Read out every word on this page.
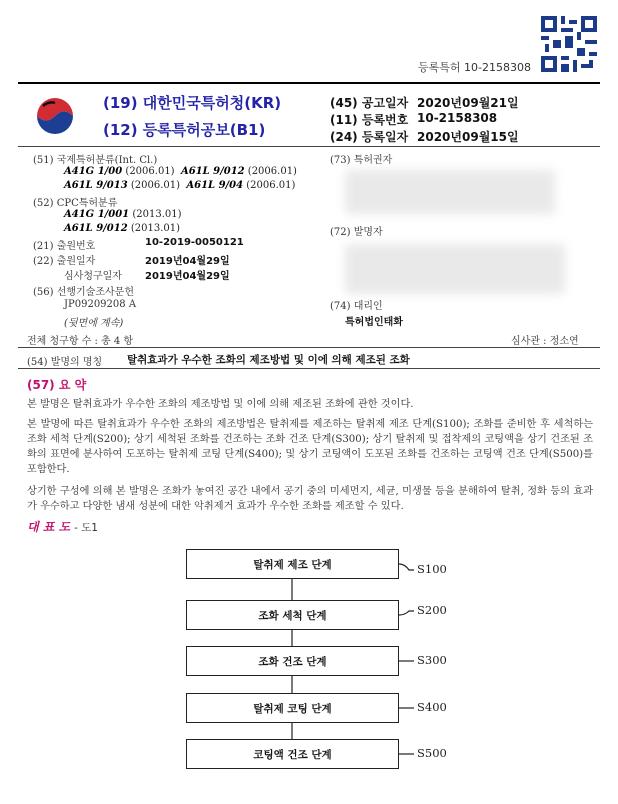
등록특허 10-2158308
(19) 대한민국특허청(KR)
(12) 등록특허공보(B1)
(45) 공고일자 2020년09월21일
(11) 등록번호 10-2158308
(24) 등록일자 2020년09월15일
(51) 국제특허분류(Int. Cl.)
A41G 1/00 (2006.01) A61L 9/012 (2006.01)
A61L 9/013 (2006.01) A61L 9/04 (2006.01)
(52) CPC특허분류
A41G 1/001 (2013.01)
A61L 9/012 (2013.01)
(21) 출원번호	10-2019-0050121
(22) 출원일자	2019년04월29일
심사청구일자 2019년04월29일
(56) 선행기술조사문헌
JP09209208 A
(뒷면에 계속)
(73) 특허권자
(72) 발명자
(74) 대리인
특허법인태화
전체 청구항 수 : 총 4 항	심사관 : 정소연
(54) 발명의 명칭 탈취효과가 우수한 조화의 제조방법 및 이에 의해 제조된 조화
(57) 요 약
본 발명은 탈취효과가 우수한 조화의 제조방법 및 이에 의해 제조된 조화에 관한 것이다.
본 발명에 따른 탈취효과가 우수한 조화의 제조방법은 탈취제를 제조하는 탈취제 제조 단계(S100); 조화를 준비한 후 세척하는 조화 세척 단계(S200); 상기 세척된 조화를 건조하는 조화 건조 단계(S300); 상기 탈취제 및 접착제의 코팅액을 상기 건조된 조화의 표면에 분사하여 도포하는 탈취제 코팅 단계(S400); 및 상기 코팅액이 도포된 조화를 건조하는 코팅액 건조 단계(S500)를 포함한다.
상기한 구성에 의해 본 발명은 조화가 놓여진 공간 내에서 공기 중의 미세먼지, 세균, 미생물 등을 분해하여 탈취, 정화 등의 효과가 우수하고 다양한 냄새 성분에 대한 악취제거 효과가 우수한 조화를 제조할 수 있다.
대 표 도 - 도1
탈취제 제조 단계
조화 세척 단계
조화 건조 단계
탈취제 코팅 단계
코팅액 건조 단계
S100
S200
S300
S400
S500
